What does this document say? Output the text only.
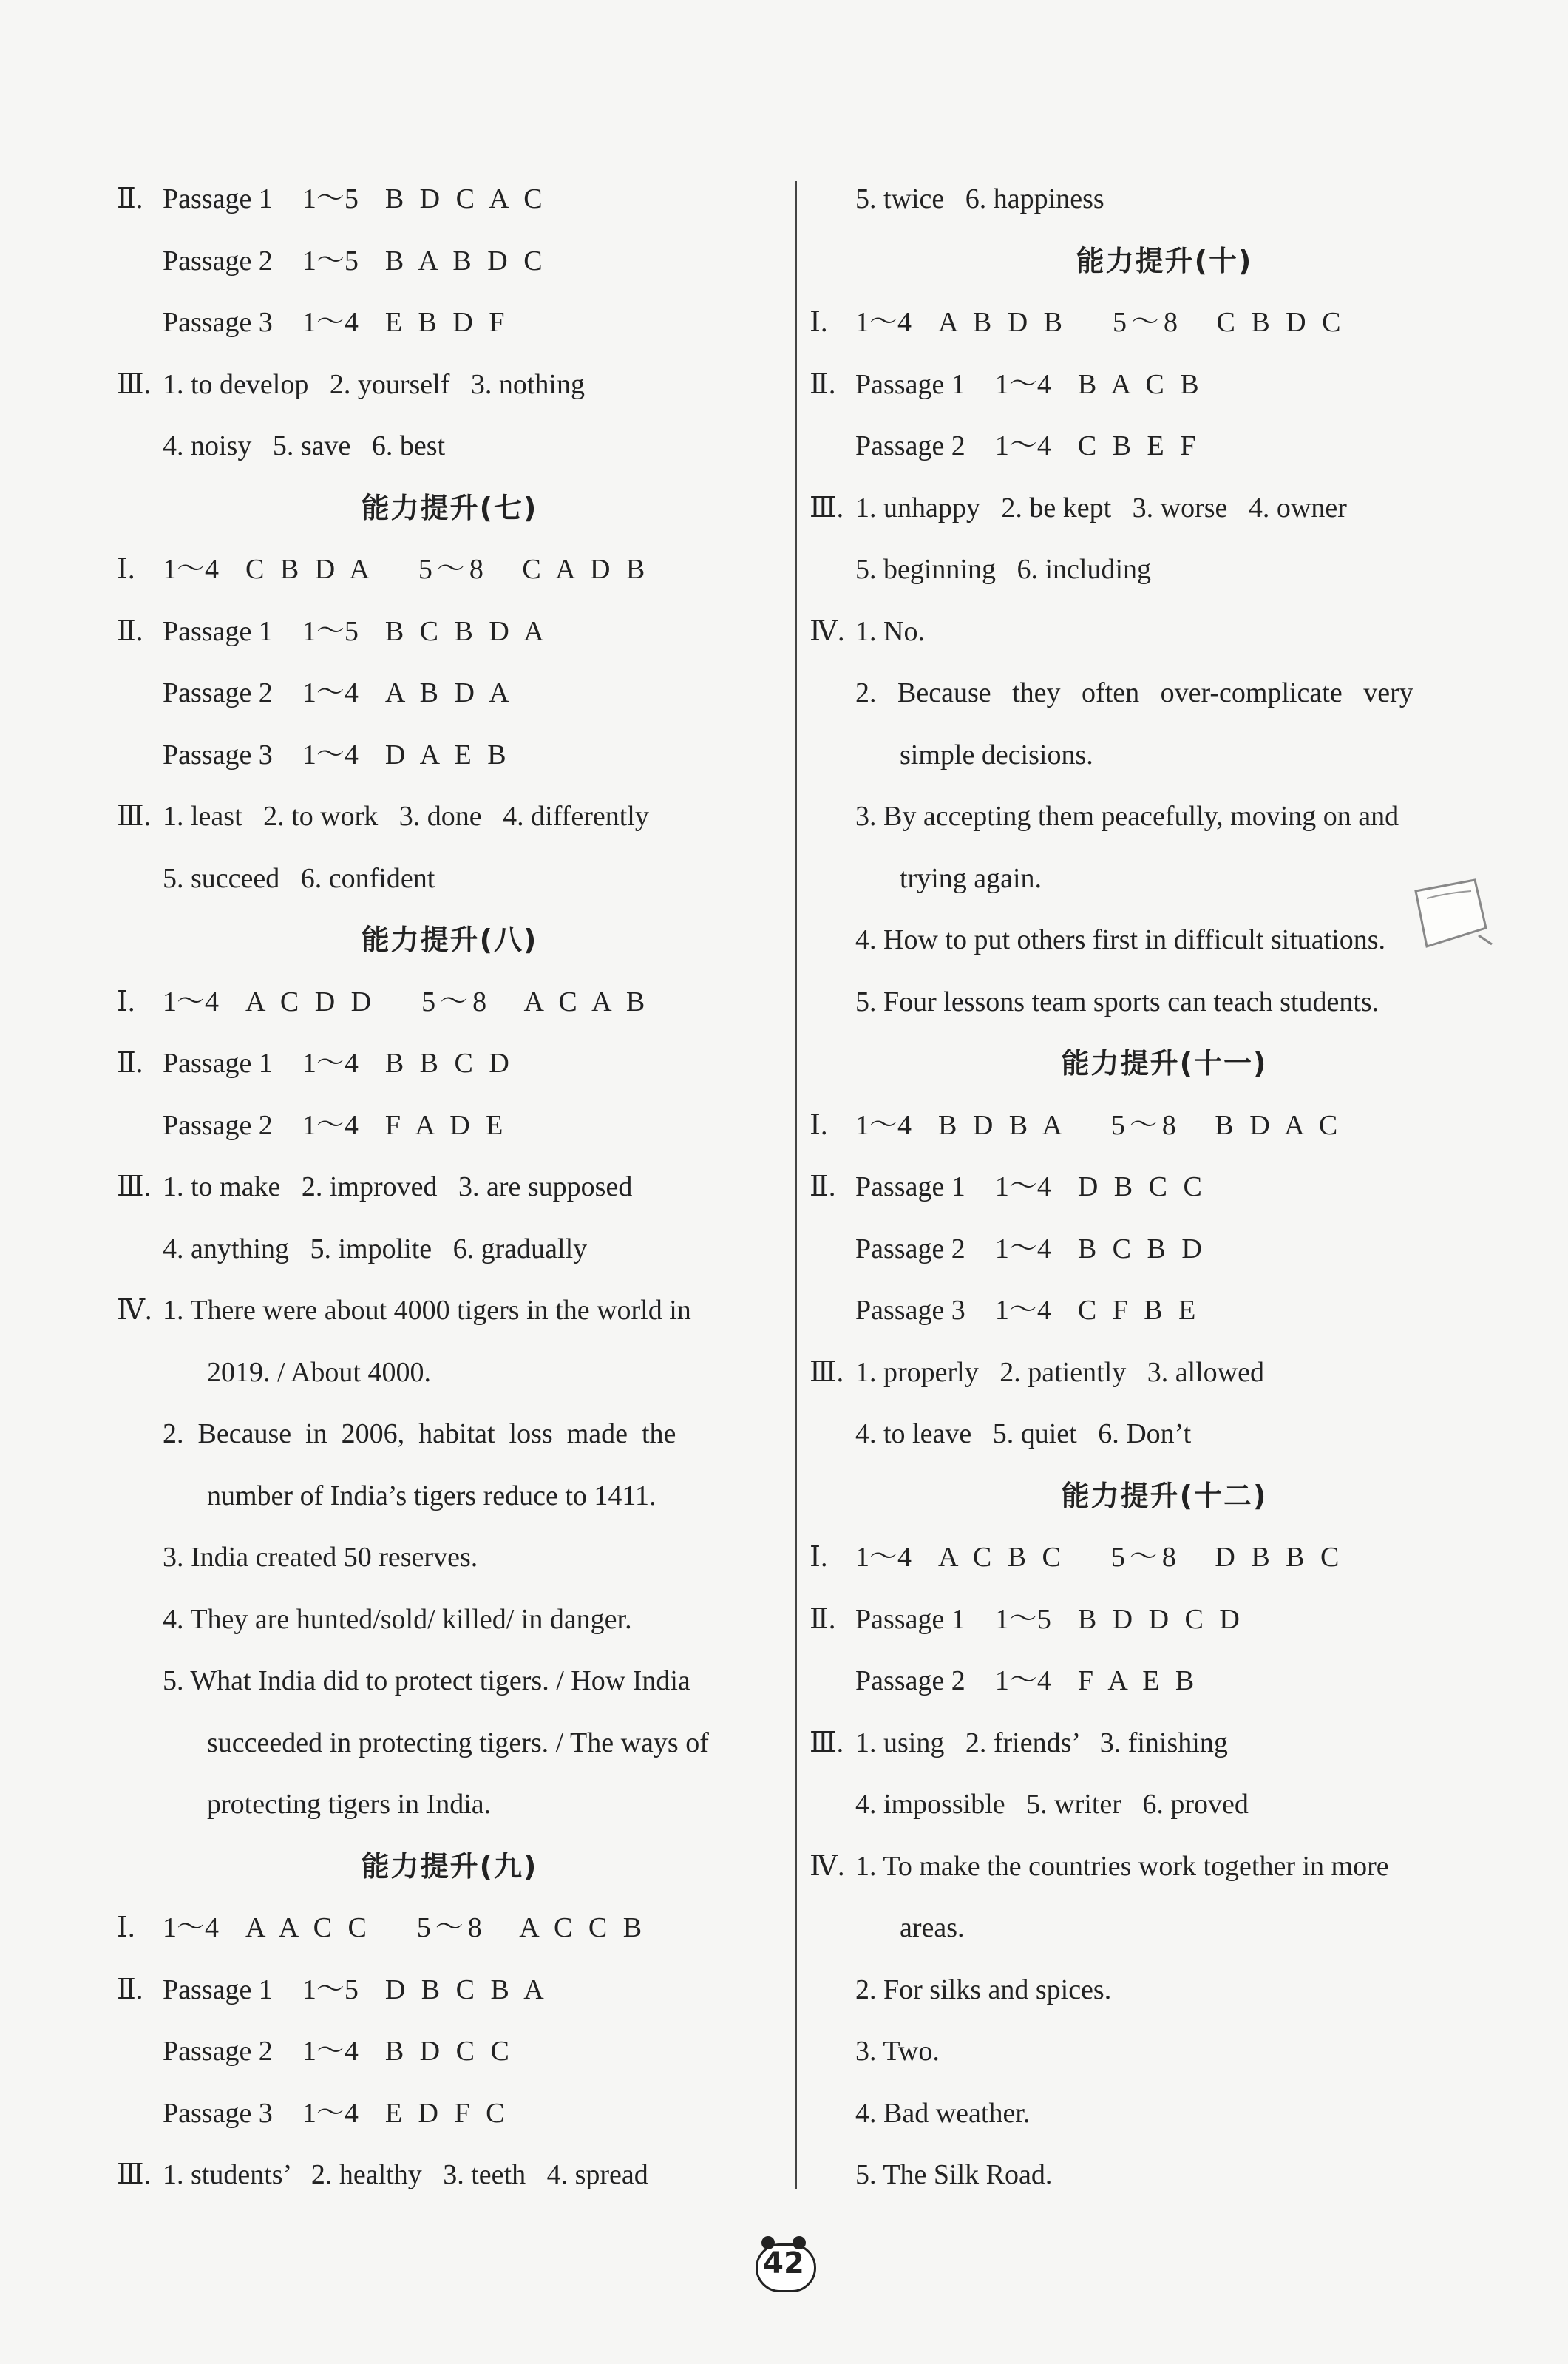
Ⅱ. Passage 1 1～5 B D C A C
Passage 2 1～5 B A B D C
Passage 3 1～4 E B D F
Ⅲ. 1. to develop   2. yourself   3. nothing
4. noisy   5. save   6. best
能力提升(七)
Ⅰ. 1～4 C B D A    5～8   C A D B
Ⅱ. Passage 1 1～5 B C B D A
Passage 2 1～4 A B D A
Passage 3 1～4 D A E B
Ⅲ. 1. least   2. to work   3. done   4. differently
5. succeed   6. confident
能力提升(八)
Ⅰ. 1～4 A C D D    5～8   A C A B
Ⅱ. Passage 1 1～4 B B C D
Passage 2 1～4 F A D E
Ⅲ. 1. to make   2. improved   3. are supposed
4. anything   5. impolite   6. gradually
Ⅳ. 1. There were about 4000 tigers in the world in
2019. / About 4000.
2.  Because  in  2006,  habitat  loss  made  the
number of India’s tigers reduce to 1411.
3. India created 50 reserves.
4. They are hunted/sold/ killed/ in danger.
5. What India did to protect tigers. / How India
succeeded in protecting tigers. / The ways of
protecting tigers in India.
能力提升(九)
Ⅰ. 1～4 A A C C    5～8   A C C B
Ⅱ. Passage 1 1～5 D B C B A
Passage 2 1～4 B D C C
Passage 3 1～4 E D F C
Ⅲ. 1. students’   2. healthy   3. teeth   4. spread
5. twice   6. happiness
能力提升(十)
Ⅰ. 1～4 A B D B    5～8   C B D C
Ⅱ. Passage 1 1～4 B A C B
Passage 2 1～4 C B E F
Ⅲ. 1. unhappy   2. be kept   3. worse   4. owner
5. beginning   6. including
Ⅳ. 1. No.
2.   Because   they   often   over-complicate   very
simple decisions.
3. By accepting them peacefully, moving on and
trying again.
4. How to put others first in difficult situations.
5. Four lessons team sports can teach students.
能力提升(十一)
Ⅰ. 1～4 B D B A    5～8   B D A C
Ⅱ. Passage 1 1～4 D B C C
Passage 2 1～4 B C B D
Passage 3 1～4 C F B E
Ⅲ. 1. properly   2. patiently   3. allowed
4. to leave   5. quiet   6. Don’t
能力提升(十二)
Ⅰ. 1～4 A C B C    5～8   D B B C
Ⅱ. Passage 1 1～5 B D D C D
Passage 2 1～4 F A E B
Ⅲ. 1. using   2. friends’   3. finishing
4. impossible   5. writer   6. proved
Ⅳ. 1. To make the countries work together in more
areas.
2. For silks and spices.
3. Two.
4. Bad weather.
5. The Silk Road.
42
